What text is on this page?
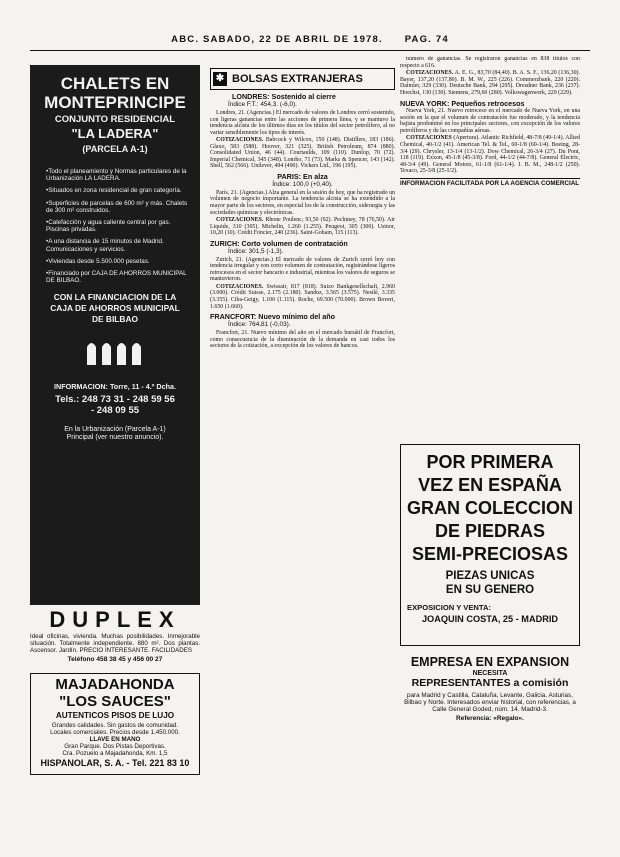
ABC. SABADO, 22 DE ABRIL DE 1978. PAG. 74
CHALETS EN
MONTEPRINCIPE
CONJUNTO RESIDENCIAL
"LA LADERA"
(PARCELA A-1)
• Todo el planeamiento y Normas particulares de la Urbanización LA LADERA.
• Situados en zona residencial de gran categoría.
• Superficies de parcelas de 600 m² y más. Chalets de 300 m² construidos.
• Calefacción y agua caliente central por gas. Piscinas privadas.
• A una distancia de 15 minutos de Madrid. Comunicaciones y servicios.
• Viviendas desde 5.500.000 pesetas.
• Financiado por CAJA DE AHORROS MUNICIPAL DE BILBAO.
CON LA FINANCIACION DE LA CAJA DE AHORROS MUNICIPAL DE BILBAO
INFORMACION: Torre, 11 - 4.º Dcha.
Tels.: 248 73 31 - 248 59 56
- 248 09 55
En la Urbanización (Parcela A-1)
Principal (ver nuestro anuncio).
DUPLEX
Ideal oficinas, vivienda. Muchas posibilidades. Inmejorable situación. Totalmente independiente. 880 m². Dos plantas. Ascensor. Jardín. PRECIO INTERESANTE. FACILIDADES
Teléfono 458 38 45 y 456 00 27
MAJADAHONDA
"LOS SAUCES"
AUTENTICOS PISOS DE LUJO
Grandes calidades. Sin gastos de comunidad.
Locales comerciales. Precios desde 1.450.000.
LLAVE EN MANO
Gran Parque. Dos Pistas Deportivas.
Cra. Pozuelo a Majadahonda, Km. 1,5
HISPANOLAR, S. A. - Tel. 221 83 10
✱ BOLSAS EXTRANJERAS
LONDRES: Sostenido al cierre
Índice F.T.: 454,3. (-6,0).

Londres, 21. (Agencias.) El mercado de valores de Londres cerró sostenido, con ligeras ganancias entre las acciones de primera línea, y se mantuvo la tendencia alcista de los últimos días en los títulos del sector petrolífero, al no variar sensiblemente los tipos de interés.

COTIZACIONES. Babcock y Wilcox, 150 (148). Distillers, 183 (186). Glaxo, 583 (588). Hoover, 321 (325). British Petroleum, 874 (880). Consolidated Union, 46 (44). Courtaulds, 109 (110). Dunlop, 70 (72). Imperial Chemical, 345 (348). Lonrho, 71 (73). Marks & Spencer, 143 (142). Shell, 562 (566). Unilever, 494 (490). Vickers Ltd., 196 (195).

PARIS: En alza
Índice: 100,0 (+0,40).

París, 21. (Agencias.) Alza general en la sesión de hoy, que ha registrado un volumen de negocio importante. La tendencia alcista se ha extendido a la mayor parte de los sectores, en especial los de la construcción, siderurgia y las sociedades químicas y electrónicas.

COTIZACIONES. Rhone Poulenc, 93,50 (92). Pechiney, 78 (76,50). Air Liquide, 310 (305). Michelin, 1.260 (1.255). Peugeot, 305 (300). Usinor, 10,20 (10). Crédit Foncier, 240 (236). Saint-Gobain, 115 (113).

ZURICH: Corto volumen de contratación
Índice: 301,5 (-1,3).

Zurich, 21. (Agencias.) El mercado de valores de Zurich cerró hoy con tendencia irregular y con corto volumen de contratación, registrándose ligeros retrocesos en el sector bancario e industrial, mientras los valores de seguros se mantuvieron.

COTIZACIONES. Swissair, 817 (818). Suizo Bankgesellschaft, 2.960 (3.000). Crédit Suisse, 2.175 (2.180). Sandoz, 3.565 (3.575). Nestlé, 3.335 (3.355). Ciba-Geigy, 1.100 (1.115). Roche, 69.500 (70.000). Brown Boveri, 1.650 (1.660).

FRANCFORT: Nuevo mínimo del año
Índice: 764,81 (-0,03).

Francfort, 21. Nuevo mínimo del año en el mercado bursátil de Francfort, como consecuencia de la disminución de la demanda en casi todos los sectores de la cotización, a excepción de los valores de bancos.

número de ganancias. Se registraron ganancias en 838 títulos con respecto a 616.

COTIZACIONES. A. E. G., 83,70 (84,40). B. A. S. F., 136,20 (136,30). Bayer, 137,20 (137,80). B. M. W., 225 (226). Commerzbank, 220 (220). Daimler, 329 (330). Deutsche Bank, 294 (295). Dresdner Bank, 236 (237). Hoechst, 130 (130). Siemens, 279,60 (280). Volkswagenwerk, 229 (229).

NUEVA YORK: Pequeños retrocesos

Nueva York, 21. Nuevo retroceso en el mercado de Nueva York, en una sesión en la que el volumen de contratación fue moderado, y la tendencia bajista predominó en los principales sectores, con excepción de los valores petrolíferos y de las compañías aéreas.

COTIZACIONES (Apertura). Atlantic Richfield, 48-7/8 (49-1/4). Allied Chemical, 40-1/2 (41). American Tel. & Tel., 60-1/8 (60-1/4). Boeing, 28-3/4 (29). Chrysler, 13-1/4 (13-1/2). Dow Chemical, 26-3/4 (27). Du Pont, 118 (119). Exxon, 45-1/8 (45-3/8). Ford, 44-1/2 (44-7/8). General Electric, 48-3/4 (49). General Motors, 61-1/8 (61-1/4). I. B. M., 248-1/2 (250). Texaco, 25-3/8 (25-1/2).

INFORMACION FACILITADA POR LA AGENCIA COMERCIAL
POR PRIMERA
VEZ EN ESPAÑA
GRAN COLECCION
DE PIEDRAS
SEMI-PRECIOSAS
PIEZAS UNICAS
EN SU GENERO
EXPOSICION Y VENTA:
JOAQUIN COSTA, 25 - MADRID
EMPRESA EN EXPANSION
NECESITA
REPRESENTANTES a comisión
para Madrid y Castilla, Cataluña, Levante, Galicia, Asturias, Bilbao y Norte. Interesados enviar historial, con referencias, a Calle General Goded, núm. 14. Madrid-3.
Referencia: «Regalo».
